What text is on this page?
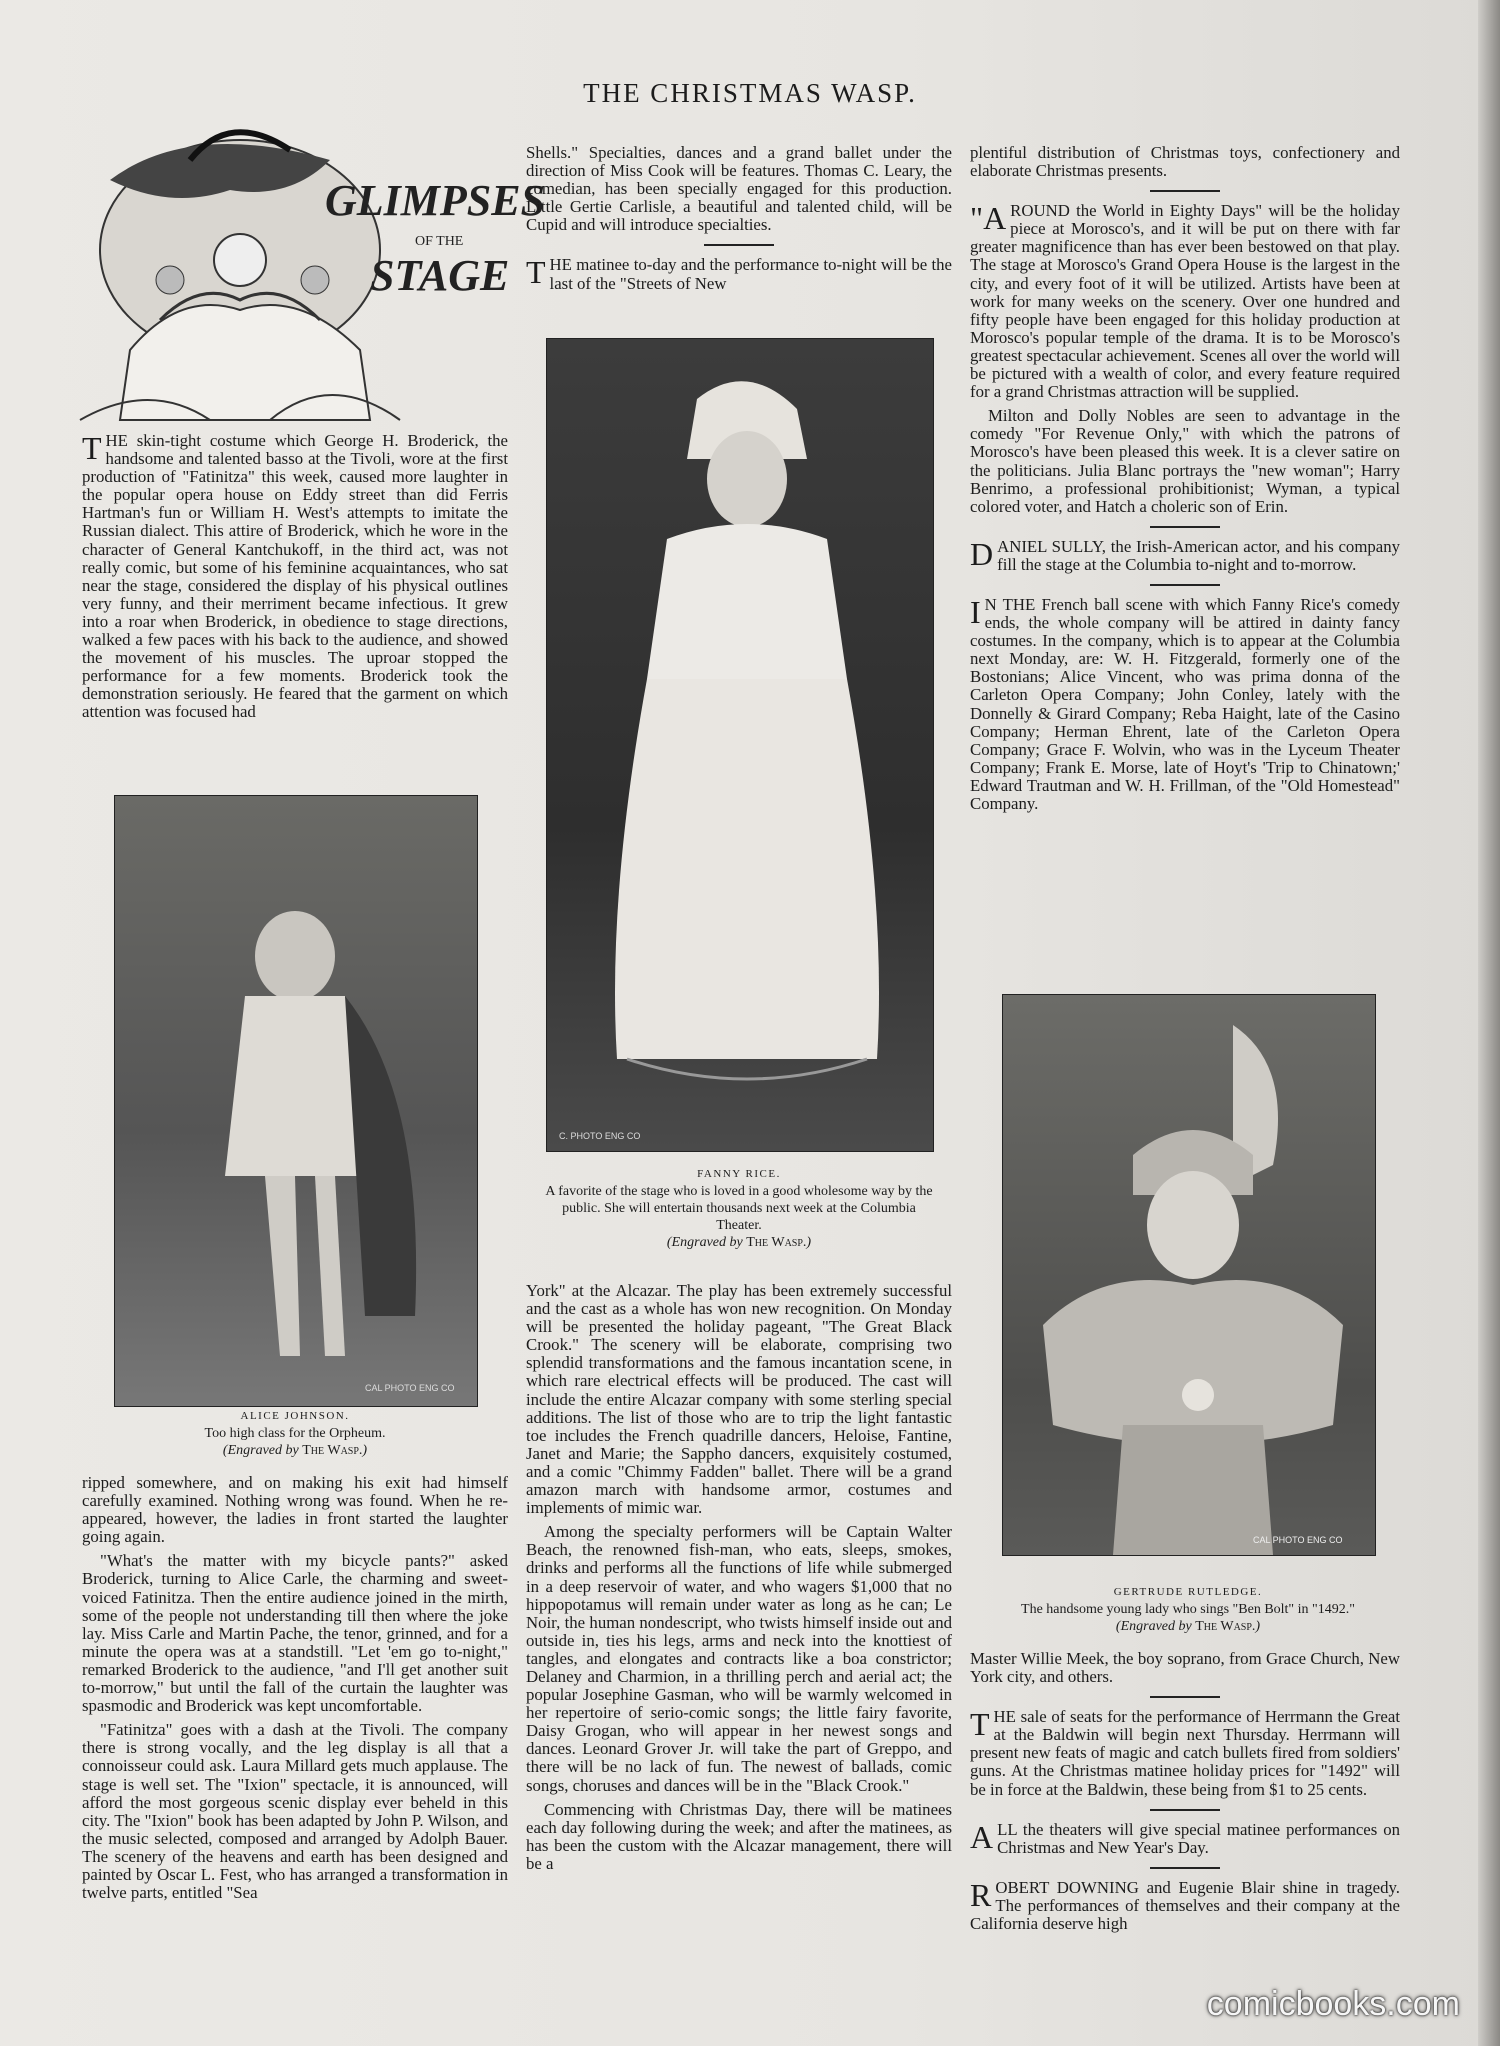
THE CHRISTMAS WASP.
GLIMPSES
OF THE
STAGE

THE skin-tight costume which George H. Broderick, the handsome and talented basso at the Tivoli, wore at the first production of "Fatinitza" this week, caused more laughter in the popular opera house on Eddy street than did Ferris Hartman's fun or William H. West's attempts to imitate the Russian dialect. This attire of Broderick, which he wore in the character of General Kantchukoff, in the third act, was not really comic, but some of his feminine acquaintances, who sat near the stage, considered the display of his physical outlines very funny, and their merriment became infectious. It grew into a roar when Broderick, in obedience to stage directions, walked a few paces with his back to the audience, and showed the movement of his muscles. The uproar stopped the performance for a few moments. Broderick took the demonstration seriously. He feared that the garment on which attention was focused had

CAL PHOTO ENG CO
ALICE JOHNSON.
Too high class for the Orpheum.
(Engraved by The Wasp.)

ripped somewhere, and on making his exit had himself carefully examined. Nothing wrong was found. When he re-appeared, however, the ladies in front started the laughter going again.

"What's the matter with my bicycle pants?" asked Broderick, turning to Alice Carle, the charming and sweet-voiced Fatinitza. Then the entire audience joined in the mirth, some of the people not understanding till then where the joke lay. Miss Carle and Martin Pache, the tenor, grinned, and for a minute the opera was at a standstill. "Let 'em go to-night," remarked Broderick to the audience, "and I'll get another suit to-morrow," but until the fall of the curtain the laughter was spasmodic and Broderick was kept uncomfortable.

"Fatinitza" goes with a dash at the Tivoli. The company there is strong vocally, and the leg display is all that a connoisseur could ask. Laura Millard gets much applause. The stage is well set. The "Ixion" spectacle, it is announced, will afford the most gorgeous scenic display ever beheld in this city. The "Ixion" book has been adapted by John P. Wilson, and the music selected, composed and arranged by Adolph Bauer. The scenery of the heavens and earth has been designed and painted by Oscar L. Fest, who has arranged a transformation in twelve parts, entitled "Sea

Shells." Specialties, dances and a grand ballet under the direction of Miss Cook will be features. Thomas C. Leary, the comedian, has been specially engaged for this production. Little Gertie Carlisle, a beautiful and talented child, will be Cupid and will introduce specialties.

THE matinee to-day and the performance to-night will be the last of the "Streets of New

C. PHOTO ENG CO
FANNY RICE.
A favorite of the stage who is loved in a good wholesome way by the public. She will entertain thousands next week at the Columbia Theater.
(Engraved by The Wasp.)

York" at the Alcazar. The play has been extremely successful and the cast as a whole has won new recognition. On Monday will be presented the holiday pageant, "The Great Black Crook." The scenery will be elaborate, comprising two splendid transformations and the famous incantation scene, in which rare electrical effects will be produced. The cast will include the entire Alcazar company with some sterling special additions. The list of those who are to trip the light fantastic toe includes the French quadrille dancers, Heloise, Fantine, Janet and Marie; the Sappho dancers, exquisitely costumed, and a comic "Chimmy Fadden" ballet. There will be a grand amazon march with handsome armor, costumes and implements of mimic war.

Among the specialty performers will be Captain Walter Beach, the renowned fish-man, who eats, sleeps, smokes, drinks and performs all the functions of life while submerged in a deep reservoir of water, and who wagers $1,000 that no hippopotamus will remain under water as long as he can; Le Noir, the human nondescript, who twists himself inside out and outside in, ties his legs, arms and neck into the knottiest of tangles, and elongates and contracts like a boa constrictor; Delaney and Charmion, in a thrilling perch and aerial act; the popular Josephine Gasman, who will be warmly welcomed in her repertoire of serio-comic songs; the little fairy favorite, Daisy Grogan, who will appear in her newest songs and dances. Leonard Grover Jr. will take the part of Greppo, and there will be no lack of fun. The newest of ballads, comic songs, choruses and dances will be in the "Black Crook."

Commencing with Christmas Day, there will be matinees each day following during the week; and after the matinees, as has been the custom with the Alcazar management, there will be a

plentiful distribution of Christmas toys, confectionery and elaborate Christmas presents.

"AROUND the World in Eighty Days" will be the holiday piece at Morosco's, and it will be put on there with far greater magnificence than has ever been bestowed on that play. The stage at Morosco's Grand Opera House is the largest in the city, and every foot of it will be utilized. Artists have been at work for many weeks on the scenery. Over one hundred and fifty people have been engaged for this holiday production at Morosco's popular temple of the drama. It is to be Morosco's greatest spectacular achievement. Scenes all over the world will be pictured with a wealth of color, and every feature required for a grand Christmas attraction will be supplied.

Milton and Dolly Nobles are seen to advantage in the comedy "For Revenue Only," with which the patrons of Morosco's have been pleased this week. It is a clever satire on the politicians. Julia Blanc portrays the "new woman"; Harry Benrimo, a professional prohibitionist; Wyman, a typical colored voter, and Hatch a choleric son of Erin.

DANIEL SULLY, the Irish-American actor, and his company fill the stage at the Columbia to-night and to-morrow.

I N THE French ball scene with which Fanny Rice's comedy ends, the whole company will be attired in dainty fancy costumes. In the company, which is to appear at the Columbia next Monday, are: W. H. Fitzgerald, formerly one of the Bostonians; Alice Vincent, who was prima donna of the Carleton Opera Company; John Conley, lately with the Donnelly & Girard Company; Reba Haight, late of the Casino Company; Herman Ehrent, late of the Carleton Opera Company; Grace F. Wolvin, who was in the Lyceum Theater Company; Frank E. Morse, late of Hoyt's 'Trip to Chinatown;' Edward Trautman and W. H. Frillman, of the "Old Homestead" Company.

CAL PHOTO ENG CO
GERTRUDE RUTLEDGE.
The handsome young lady who sings "Ben Bolt" in "1492."
(Engraved by The Wasp.)

Master Willie Meek, the boy soprano, from Grace Church, New York city, and others.

THE sale of seats for the performance of Herrmann the Great at the Baldwin will begin next Thursday. Herrmann will present new feats of magic and catch bullets fired from soldiers' guns. At the Christmas matinee holiday prices for "1492" will be in force at the Baldwin, these being from $1 to 25 cents.

ALL the theaters will give special matinee performances on Christmas and New Year's Day.

ROBERT DOWNING and Eugenie Blair shine in tragedy. The performances of themselves and their company at the California deserve high

comicbooks.com
